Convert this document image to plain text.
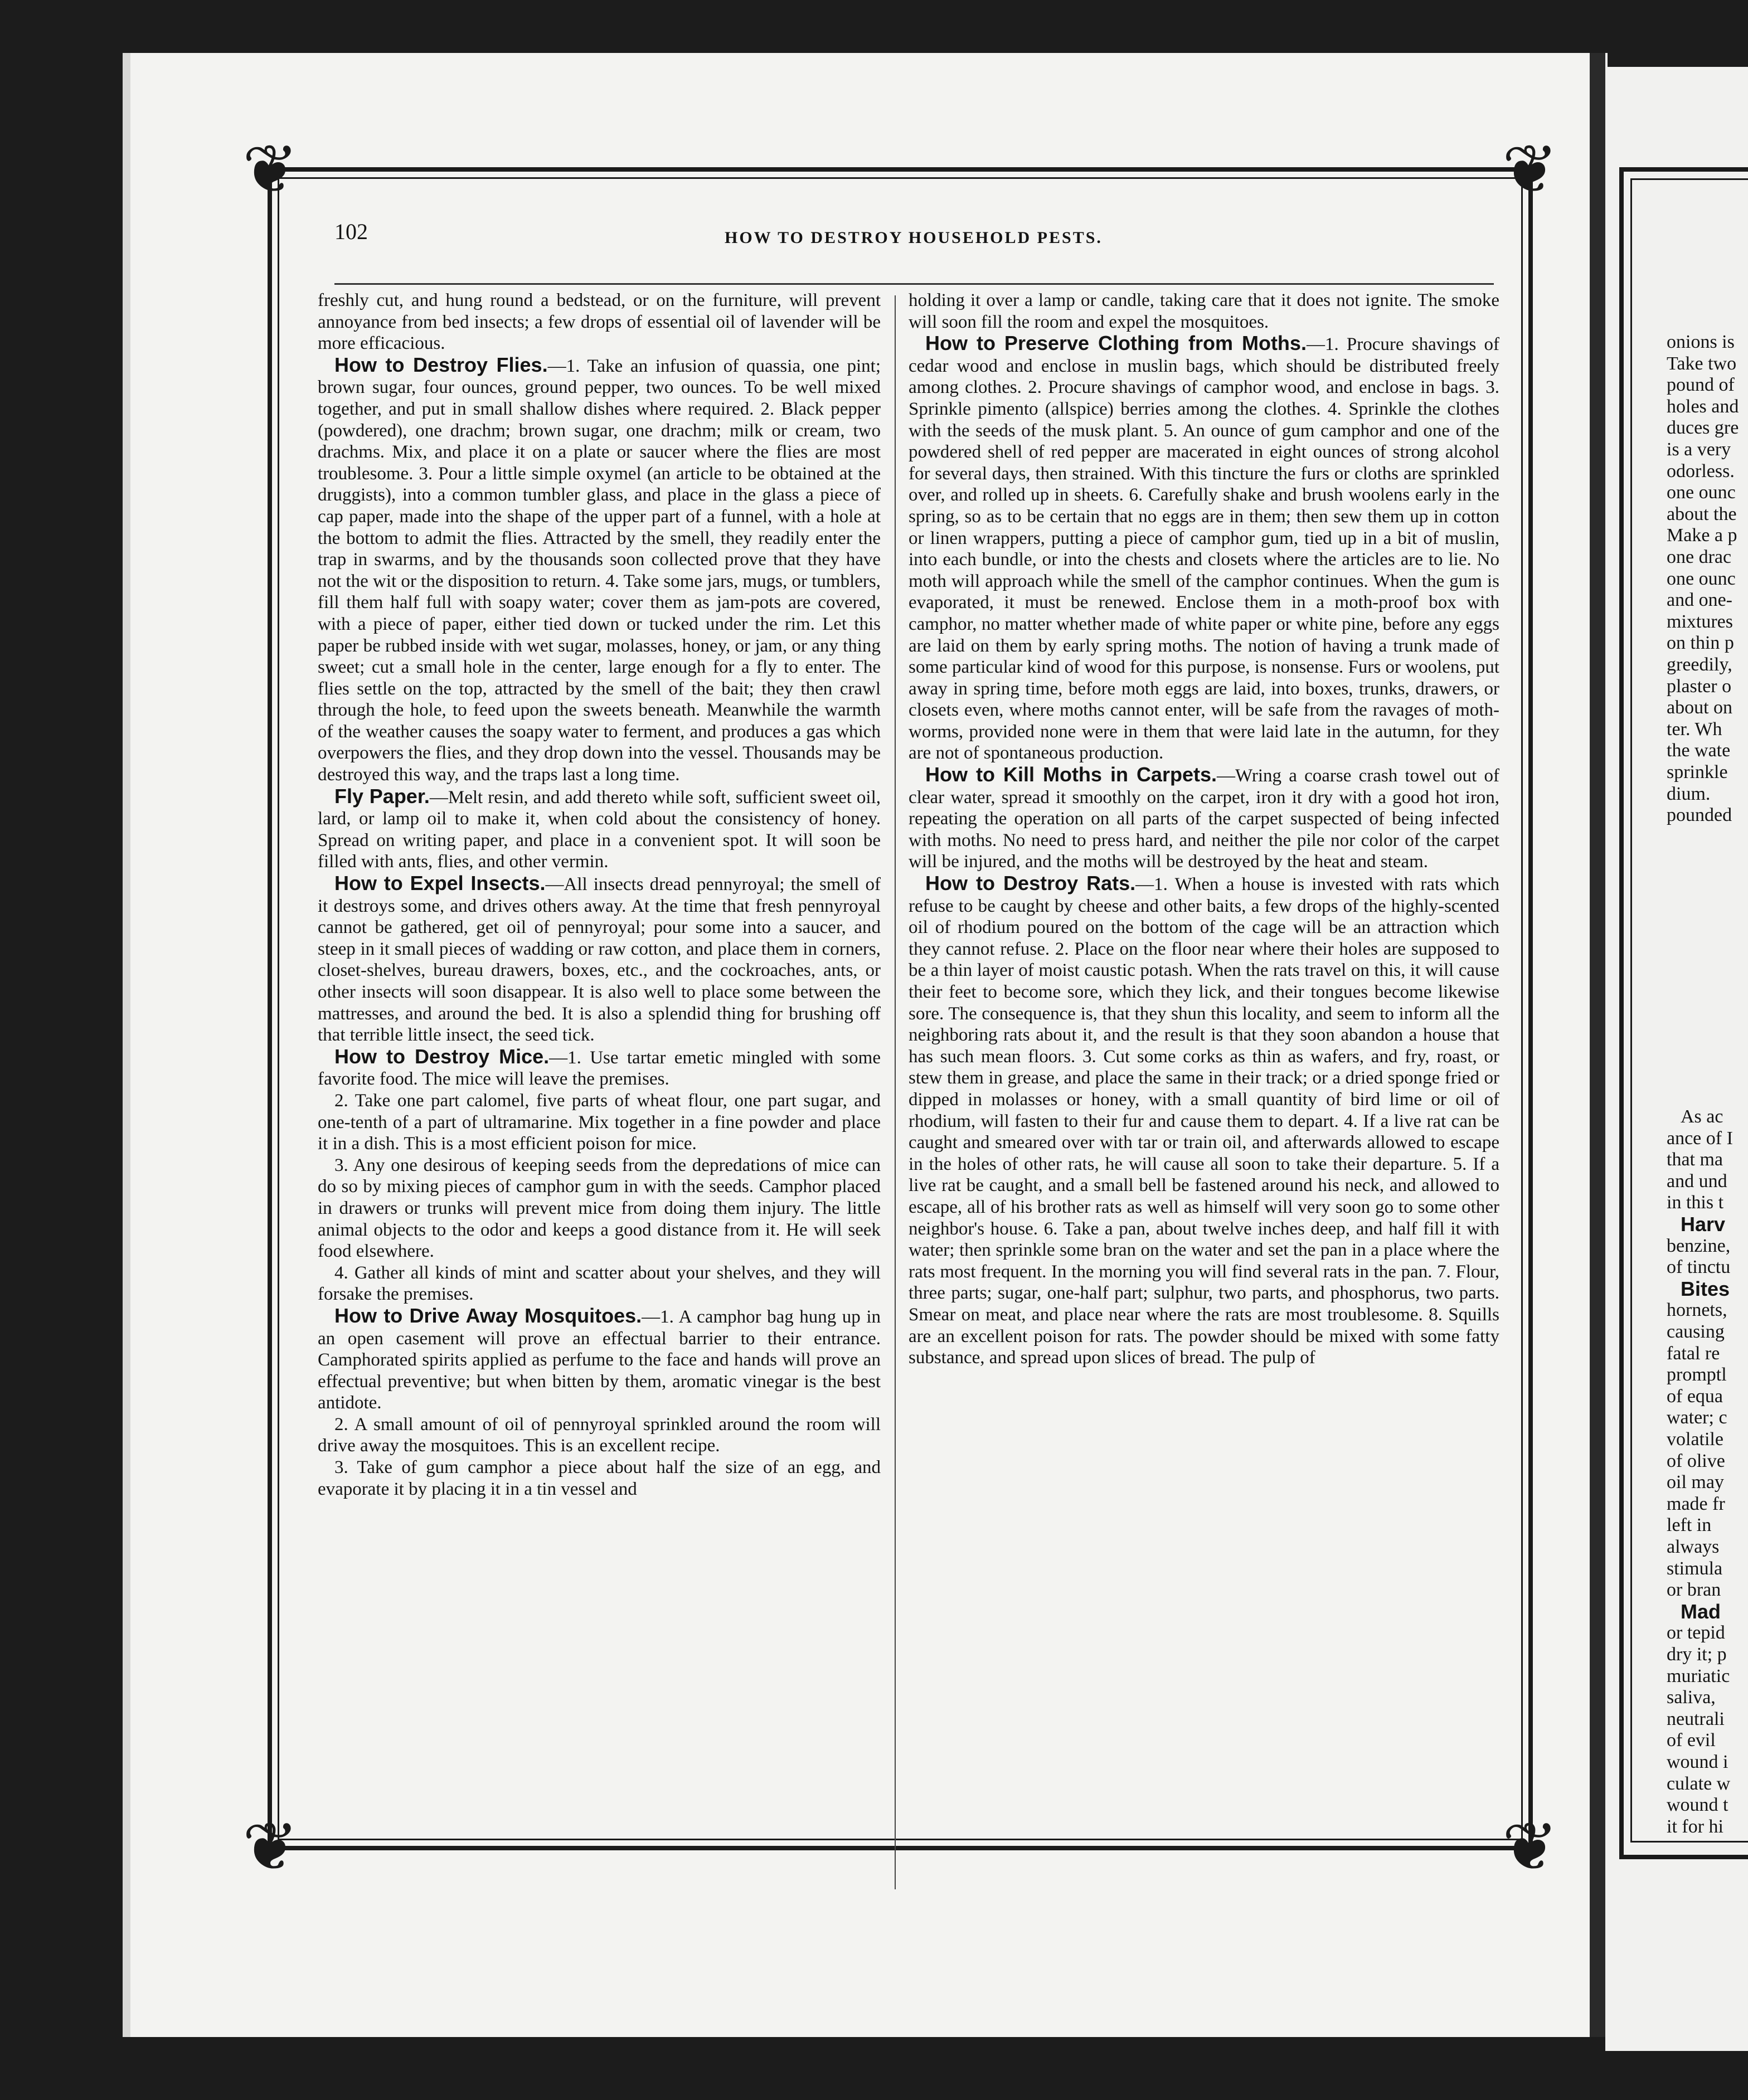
❦	❦
❦	❦
102	HOW TO DESTROY HOUSEHOLD PESTS.

freshly cut, and hung round a bedstead, or on the furniture, will prevent annoyance from bed insects; a few drops of essential oil of lavender will be more efficacious.

How to Destroy Flies.—1. Take an infusion of quassia, one pint; brown sugar, four ounces, ground pepper, two ounces. To be well mixed together, and put in small shallow dishes where required. 2. Black pepper (powdered), one drachm; brown sugar, one drachm; milk or cream, two drachms. Mix, and place it on a plate or saucer where the flies are most troublesome. 3. Pour a little simple oxymel (an article to be obtained at the druggists), into a common tumbler glass, and place in the glass a piece of cap paper, made into the shape of the upper part of a funnel, with a hole at the bottom to admit the flies. Attracted by the smell, they readily enter the trap in swarms, and by the thousands soon collected prove that they have not the wit or the disposition to return. 4. Take some jars, mugs, or tumblers, fill them half full with soapy water; cover them as jam-pots are covered, with a piece of paper, either tied down or tucked under the rim. Let this paper be rubbed inside with wet sugar, molasses, honey, or jam, or any thing sweet; cut a small hole in the center, large enough for a fly to enter. The flies settle on the top, attracted by the smell of the bait; they then crawl through the hole, to feed upon the sweets beneath. Meanwhile the warmth of the weather causes the soapy water to ferment, and produces a gas which overpowers the flies, and they drop down into the vessel. Thousands may be destroyed this way, and the traps last a long time.

Fly Paper.—Melt resin, and add thereto while soft, sufficient sweet oil, lard, or lamp oil to make it, when cold about the consistency of honey. Spread on writing paper, and place in a convenient spot. It will soon be filled with ants, flies, and other vermin.

How to Expel Insects.—All insects dread pennyroyal; the smell of it destroys some, and drives others away. At the time that fresh pennyroyal cannot be gathered, get oil of pennyroyal; pour some into a saucer, and steep in it small pieces of wadding or raw cotton, and place them in corners, closet-shelves, bureau drawers, boxes, etc., and the cockroaches, ants, or other insects will soon disappear. It is also well to place some between the mattresses, and around the bed. It is also a splendid thing for brushing off that terrible little insect, the seed tick.

How to Destroy Mice.—1. Use tartar emetic mingled with some favorite food. The mice will leave the premises.

2. Take one part calomel, five parts of wheat flour, one part sugar, and one-tenth of a part of ultramarine. Mix together in a fine powder and place it in a dish. This is a most efficient poison for mice.

3. Any one desirous of keeping seeds from the depredations of mice can do so by mixing pieces of camphor gum in with the seeds. Camphor placed in drawers or trunks will prevent mice from doing them injury. The little animal objects to the odor and keeps a good distance from it. He will seek food elsewhere.

4. Gather all kinds of mint and scatter about your shelves, and they will forsake the premises.

How to Drive Away Mosquitoes.—1. A camphor bag hung up in an open casement will prove an effectual barrier to their entrance. Camphorated spirits applied as perfume to the face and hands will prove an effectual preventive; but when bitten by them, aromatic vinegar is the best antidote.

2. A small amount of oil of pennyroyal sprinkled around the room will drive away the mosquitoes. This is an excellent recipe.

3. Take of gum camphor a piece about half the size of an egg, and evaporate it by placing it in a tin vessel and

holding it over a lamp or candle, taking care that it does not ignite. The smoke will soon fill the room and expel the mosquitoes.

How to Preserve Clothing from Moths.—1. Procure shavings of cedar wood and enclose in muslin bags, which should be distributed freely among clothes. 2. Procure shavings of camphor wood, and enclose in bags. 3. Sprinkle pimento (allspice) berries among the clothes. 4. Sprinkle the clothes with the seeds of the musk plant. 5. An ounce of gum camphor and one of the powdered shell of red pepper are macerated in eight ounces of strong alcohol for several days, then strained. With this tincture the furs or cloths are sprinkled over, and rolled up in sheets. 6. Carefully shake and brush woolens early in the spring, so as to be certain that no eggs are in them; then sew them up in cotton or linen wrappers, putting a piece of camphor gum, tied up in a bit of muslin, into each bundle, or into the chests and closets where the articles are to lie. No moth will approach while the smell of the camphor continues. When the gum is evaporated, it must be renewed. Enclose them in a moth-proof box with camphor, no matter whether made of white paper or white pine, before any eggs are laid on them by early spring moths. The notion of having a trunk made of some particular kind of wood for this purpose, is nonsense. Furs or woolens, put away in spring time, before moth eggs are laid, into boxes, trunks, drawers, or closets even, where moths cannot enter, will be safe from the ravages of moth-worms, provided none were in them that were laid late in the autumn, for they are not of spontaneous production.

How to Kill Moths in Carpets.—Wring a coarse crash towel out of clear water, spread it smoothly on the carpet, iron it dry with a good hot iron, repeating the operation on all parts of the carpet suspected of being infected with moths. No need to press hard, and neither the pile nor color of the carpet will be injured, and the moths will be destroyed by the heat and steam.

How to Destroy Rats.—1. When a house is invested with rats which refuse to be caught by cheese and other baits, a few drops of the highly-scented oil of rhodium poured on the bottom of the cage will be an attraction which they cannot refuse. 2. Place on the floor near where their holes are supposed to be a thin layer of moist caustic potash. When the rats travel on this, it will cause their feet to become sore, which they lick, and their tongues become likewise sore. The consequence is, that they shun this locality, and seem to inform all the neighboring rats about it, and the result is that they soon abandon a house that has such mean floors. 3. Cut some corks as thin as wafers, and fry, roast, or stew them in grease, and place the same in their track; or a dried sponge fried or dipped in molasses or honey, with a small quantity of bird lime or oil of rhodium, will fasten to their fur and cause them to depart. 4. If a live rat can be caught and smeared over with tar or train oil, and afterwards allowed to escape in the holes of other rats, he will cause all soon to take their departure. 5. If a live rat be caught, and a small bell be fastened around his neck, and allowed to escape, all of his brother rats as well as himself will very soon go to some other neighbor's house. 6. Take a pan, about twelve inches deep, and half fill it with water; then sprinkle some bran on the water and set the pan in a place where the rats most frequent. In the morning you will find several rats in the pan. 7. Flour, three parts; sugar, one-half part; sulphur, two parts, and phosphorus, two parts. Smear on meat, and place near where the rats are most troublesome. 8. Squills are an excellent poison for rats. The powder should be mixed with some fatty substance, and spread upon slices of bread. The pulp of

onions is
Take two
pound of
holes and
duces gre
is a very
odorless.
one ounc
about the
Make a p
one drac
one ounc
and one-
mixtures
on thin p
greedily,
plaster o
about on
ter. Wh
the wate
sprinkle
dium.
pounded
As ac
ance of I
that ma
and und
in this t
Harv
benzine,
of tinctu
Bites
hornets,
causing
fatal re
promptl
of equa
water; c
volatile
of olive
oil may
made fr
left in
always
stimula
or bran
Mad
or tepid
dry it; p
muriatic
saliva,
neutrali
of evil
wound i
culate w
wound t
it for hi
